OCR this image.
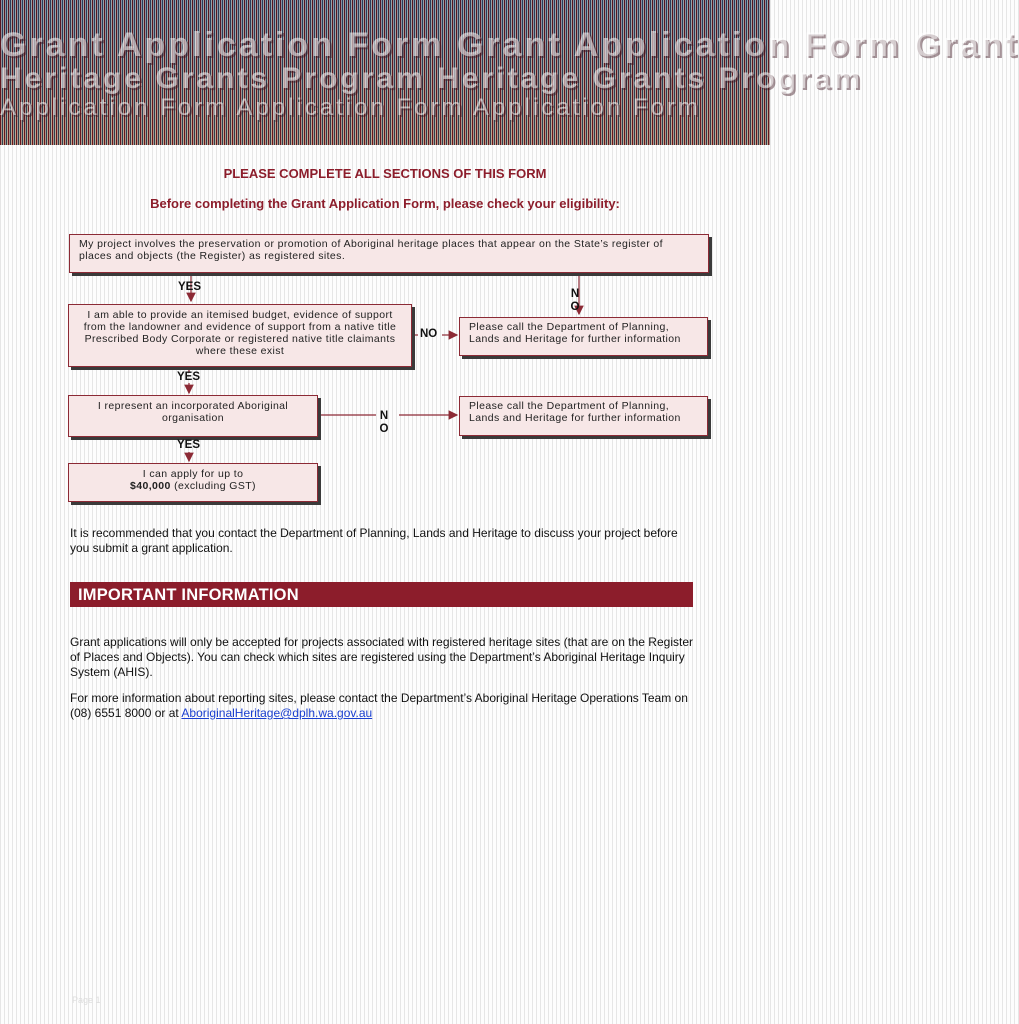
Grant Application Form Grant Application Form Grant
Heritage Grants Program Heritage Grants Program
Application Form Application Form Application Form
PLEASE COMPLETE ALL SECTIONS OF THIS FORM
Before completing the Grant Application Form, please check your eligibility:
My project involves the preservation or promotion of Aboriginal heritage places that appear on the State’s register of places and objects (the Register) as registered sites.
YES
NO
I am able to provide an itemised budget, evidence of support from the landowner and evidence of support from a native title Prescribed Body Corporate or registered native title claimants where these exist
NO
Please call the Department of Planning, Lands and Heritage for further information
YES
I represent an incorporated Aboriginal organisation	NO
Please call the Department of Planning, Lands and Heritage for further information
YES
I can apply for up to
$40,000 (excluding GST)
It is recommended that you contact the Department of Planning, Lands and Heritage to discuss your project before you submit a grant application.
IMPORTANT INFORMATION
Grant applications will only be accepted for projects associated with registered heritage sites (that are on the Register of Places and Objects). You can check which sites are registered using the Department’s Aboriginal Heritage Inquiry System (AHIS).
For more information about reporting sites, please contact the Department’s Aboriginal Heritage Operations Team on (08) 6551 8000 or at AboriginalHeritage@dplh.wa.gov.au
Page 1
